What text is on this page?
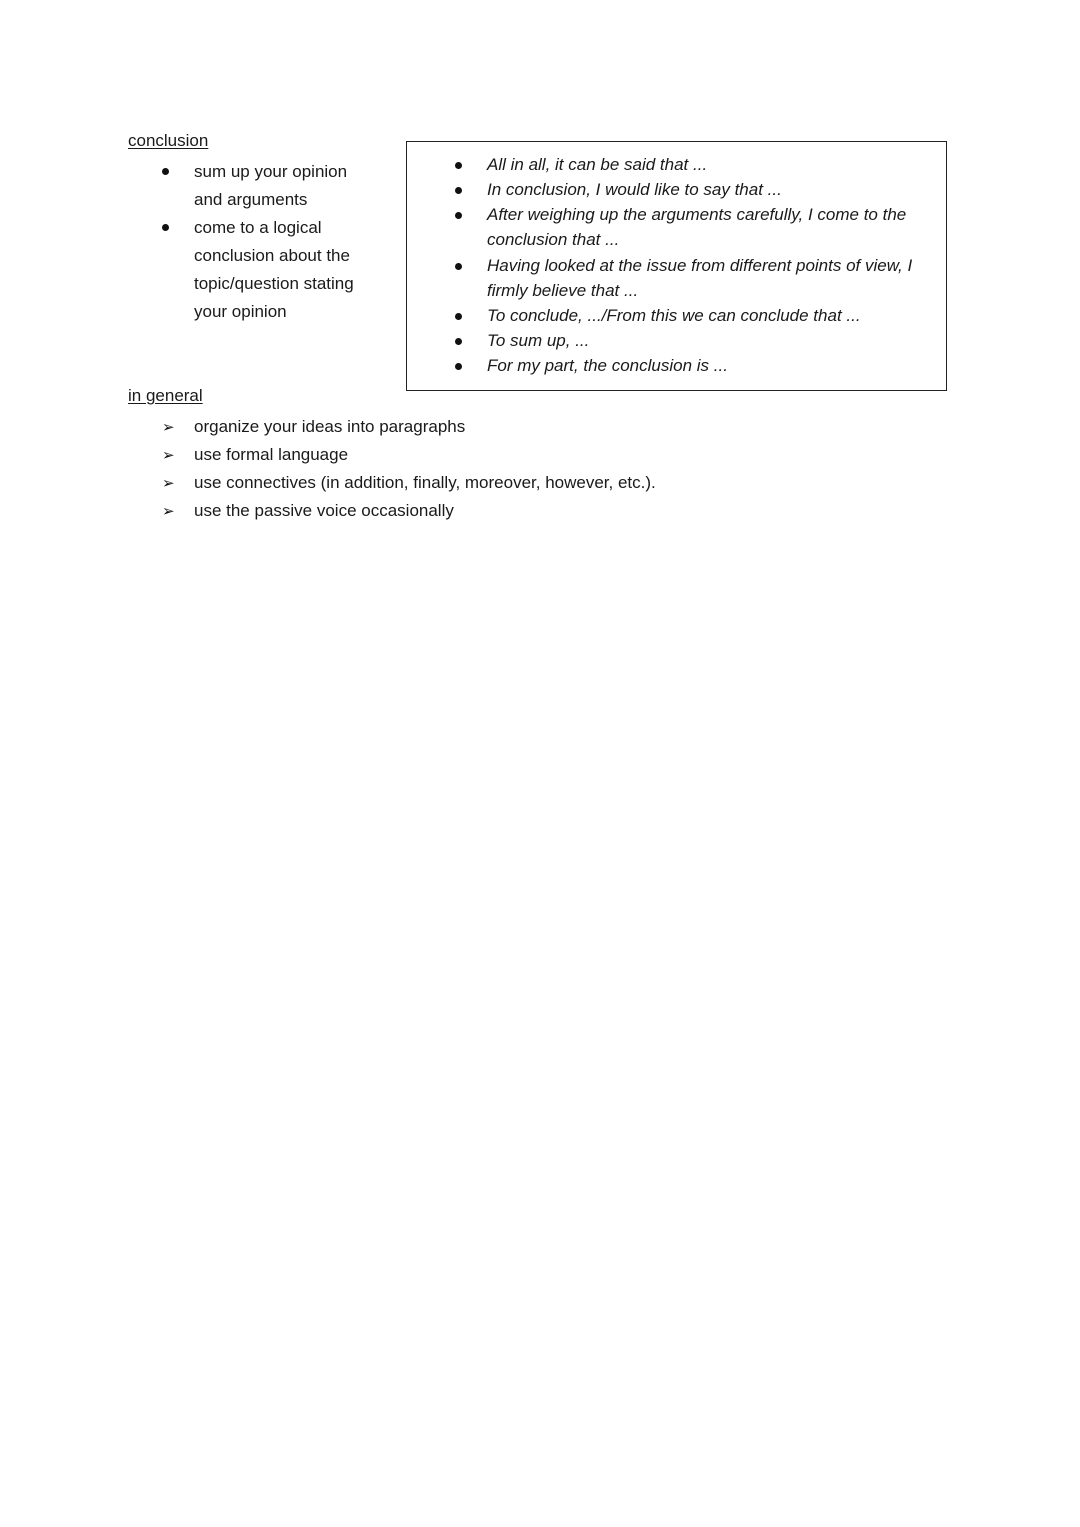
conclusion
sum up your opinion and arguments
come to a logical conclusion about the topic/question stating your opinion
All in all, it can be said that ...
In conclusion, I would like to say that ...
After weighing up the arguments carefully, I come to the conclusion that ...
Having looked at the issue from different points of view, I firmly believe that ...
To conclude, .../From this we can conclude that ...
To sum up, ...
For my part, the conclusion is ...
in general
➢ organize your ideas into paragraphs
➢ use formal language
➢ use connectives (in addition, finally, moreover, however, etc.).
➢ use the passive voice occasionally
